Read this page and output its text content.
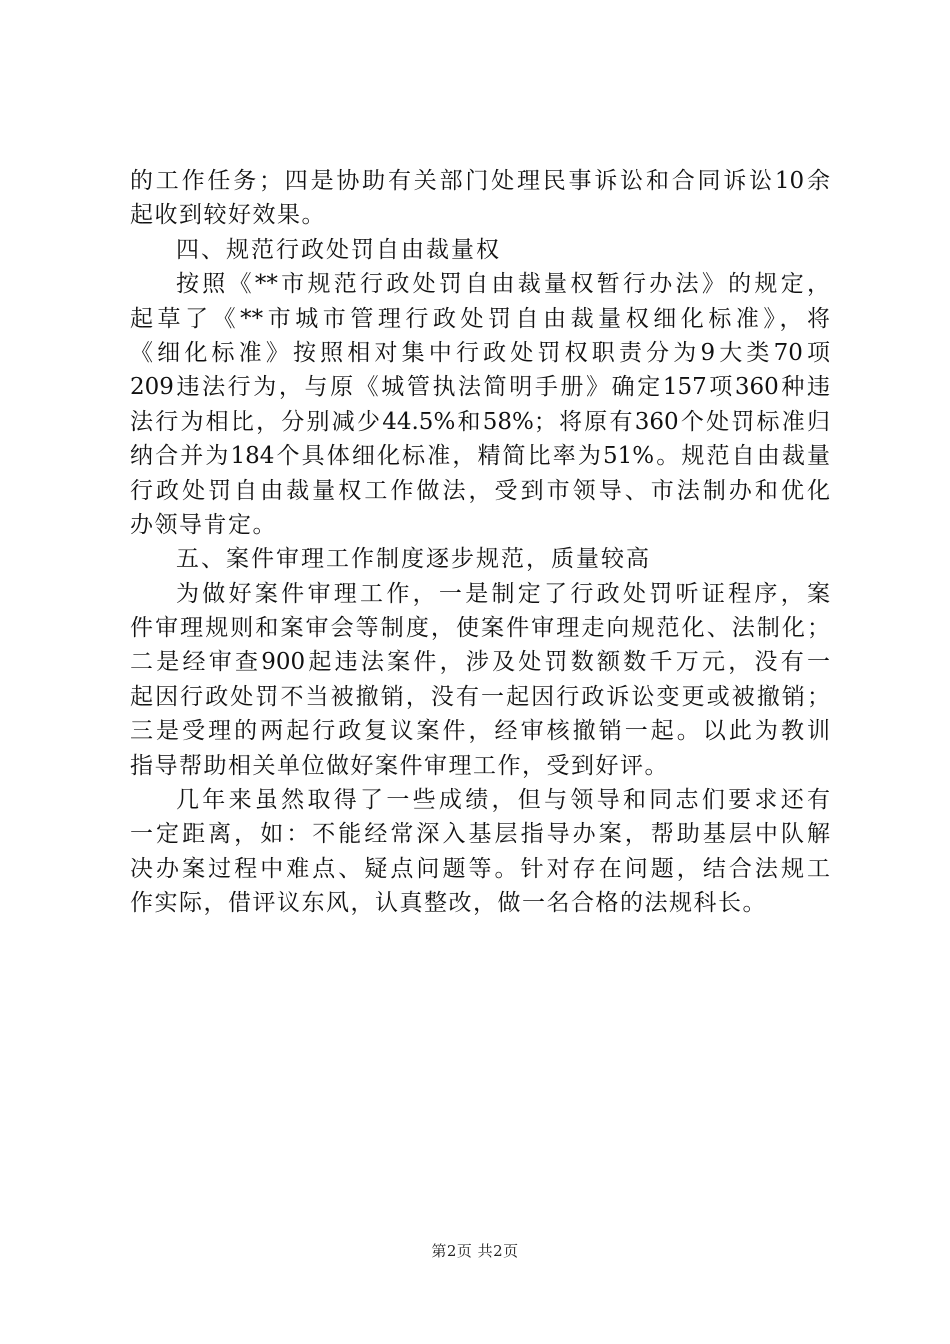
的工作任务；四是协助有关部门处理民事诉讼和合同诉讼10余
起收到较好效果。
四、规范行政处罚自由裁量权
按照《**市规范行政处罚自由裁量权暂行办法》的规定，
起草了《**市城市管理行政处罚自由裁量权细化标准》，将
《细化标准》按照相对集中行政处罚权职责分为9大类70项
209违法行为，与原《城管执法简明手册》确定157项360种违
法行为相比，分别减少44.5%和58%；将原有360个处罚标准归
纳合并为184个具体细化标准，精简比率为51%。规范自由裁量
行政处罚自由裁量权工作做法，受到市领导、市法制办和优化
办领导肯定。
五、案件审理工作制度逐步规范，质量较高
为做好案件审理工作，一是制定了行政处罚听证程序，案
件审理规则和案审会等制度，使案件审理走向规范化、法制化；
二是经审查900起违法案件，涉及处罚数额数千万元，没有一
起因行政处罚不当被撤销，没有一起因行政诉讼变更或被撤销；
三是受理的两起行政复议案件，经审核撤销一起。以此为教训
指导帮助相关单位做好案件审理工作，受到好评。
几年来虽然取得了一些成绩，但与领导和同志们要求还有
一定距离，如：不能经常深入基层指导办案，帮助基层中队解
决办案过程中难点、疑点问题等。针对存在问题，结合法规工
作实际，借评议东风，认真整改，做一名合格的法规科长。
第2页 共2页
